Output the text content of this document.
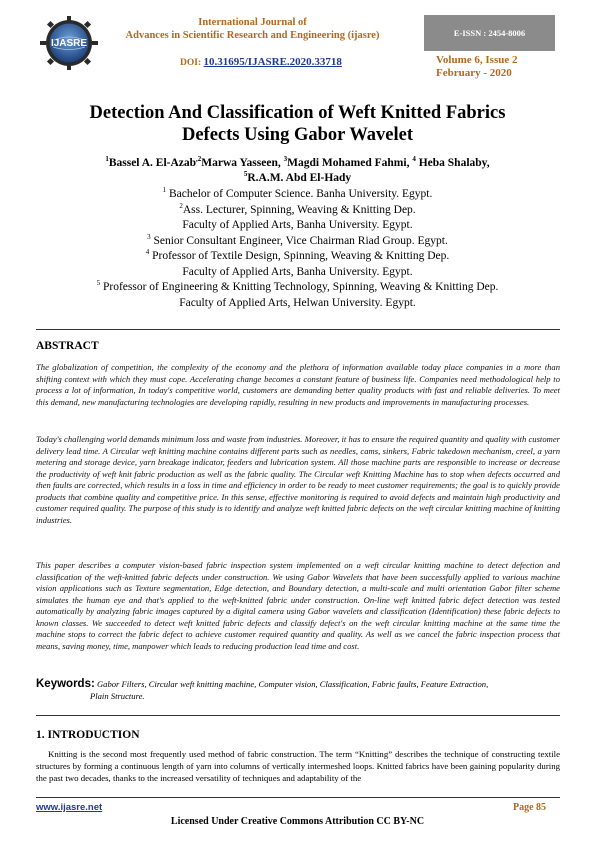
IJASRE
International Journal of
Advances in Scientific Research and Engineering (ijasre)	E-ISSN : 2454-8006
DOI: 10.31695/IJASRE.2020.33718	Volume 6, Issue 2
February - 2020
Detection And Classification of Weft Knitted Fabrics
Defects Using Gabor Wavelet
$^1$Bassel A. El-Azab$^{,2}$Marwa Yasseen, $^3$Magdi Mohamed Fahmi, $^4$ Heba Shalaby,
$^5$R.A.M. Abd El-Hady
$^1$ Bachelor of Computer Science. Banha University. Egypt.
$^2$Ass. Lecturer, Spinning, Weaving & Knitting Dep.
Faculty of Applied Arts, Banha University. Egypt.
$^3$ Senior Consultant Engineer, Vice Chairman Riad Group. Egypt.
$^4$ Professor of Textile Design, Spinning, Weaving & Knitting Dep.
Faculty of Applied Arts, Banha University. Egypt.
$^5$ Professor of Engineering & Knitting Technology, Spinning, Weaving & Knitting Dep.
Faculty of Applied Arts, Helwan University. Egypt.
ABSTRACT

The globalization of competition, the complexity of the economy and the plethora of information available today place companies in a more than shifting context with which they must cope. Accelerating change becomes a constant feature of business life. Companies need methodological help to process a lot of information, In today's competitive world, customers are demanding better quality products with fast and reliable deliveries. To meet this demand, new manufacturing technologies are developing rapidly, resulting in new products and improvements in manufacturing processes.

Today's challenging world demands minimum loss and waste from industries. Moreover, it has to ensure the required quantity and quality with customer delivery lead time. A Circular weft knitting machine contains different parts such as needles, cams, sinkers, Fabric takedown mechanism, creel, a yarn metering and storage device, yarn breakage indicator, feeders and lubrication system. All those machine parts are responsible to increase or decrease the productivity of weft knit fabric production as well as the fabric quality. The Circular weft Knitting Machine has to stop when defects occurred and then faults are corrected, which results in a loss in time and efficiency in order to be ready to meet customer requirements; the goal is to quickly provide products that combine quality and competitive price. In this sense, effective monitoring is required to avoid defects and maintain high productivity and customer required quality. The purpose of this study is to identify and analyze weft knitted fabric defects on the weft circular knitting machine of knitting industries.

This paper describes a computer vision-based fabric inspection system implemented on a weft circular knitting machine to detect defection and classification of the weft-knitted fabric defects under construction. We using Gabor Wavelets that have been successfully applied to various machine vision applications such as Texture segmentation, Edge detection, and Boundary detection, a multi-scale and multi orientation Gabor filter scheme simulates the human eye and that's applied to the weft-knitted fabric under construction. On-line weft knitted fabric defect detection was tested automatically by analyzing fabric images captured by a digital camera using Gabor wavelets and classification (Identification) these fabric defects to known classes. We succeeded to detect weft knitted fabric defects and classify defect's on the weft circular knitting machine at the same time the machine stops to correct the fabric defect to achieve customer required quantity and quality. As well as we cancel the fabric inspection process that means, saving money, time, manpower which leads to reducing production lead time and cost.

Keywords: Gabor Filters, Circular weft knitting machine, Computer vision, Classification, Fabric faults, Feature Extraction,
Plain Structure.
1. INTRODUCTION

Knitting is the second most frequently used method of fabric construction. The term “Knitting” describes the technique of constructing textile structures by forming a continuous length of yarn into columns of vertically intermeshed loops. Knitted fabrics have been gaining popularity during the past two decades, thanks to the increased versatility of techniques and adaptability of the

www.ijasre.net	Page 85
Licensed Under Creative Commons Attribution CC BY-NC
